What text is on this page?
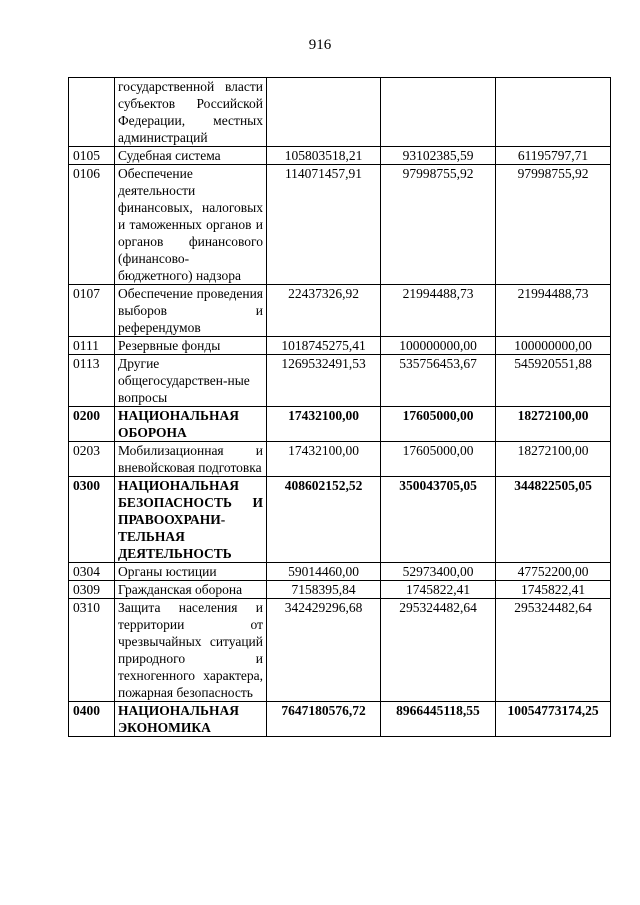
916
	государственной власти субъектов Российской Федерации, местных администраций			
0105	Судебная система	105803518,21	93102385,59	61195797,71
0106	Обеспечение деятельности финансовых, налоговых и таможенных органов и органов финансового (финансово-бюджетного) надзора	114071457,91	97998755,92	97998755,92
0107	Обеспечение проведения выборов и референдумов	22437326,92	21994488,73	21994488,73
0111	Резервные фонды	1018745275,41	100000000,00	100000000,00
0113	Другие общегосударствен-ные вопросы	1269532491,53	535756453,67	545920551,88
0200	НАЦИОНАЛЬНАЯ ОБОРОНА	17432100,00	17605000,00	18272100,00
0203	Мобилизационная и вневойсковая подготовка	17432100,00	17605000,00	18272100,00
0300	НАЦИОНАЛЬНАЯ БЕЗОПАСНОСТЬ И ПРАВООХРАНИ-ТЕЛЬНАЯ ДЕЯТЕЛЬНОСТЬ	408602152,52	350043705,05	344822505,05
0304	Органы юстиции	59014460,00	52973400,00	47752200,00
0309	Гражданская оборона	7158395,84	1745822,41	1745822,41
0310	Защита населения и территории от чрезвычайных ситуаций природного и техногенного характера, пожарная безопасность	342429296,68	295324482,64	295324482,64
0400	НАЦИОНАЛЬНАЯ ЭКОНОМИКА	7647180576,72	8966445118,55	10054773174,25
